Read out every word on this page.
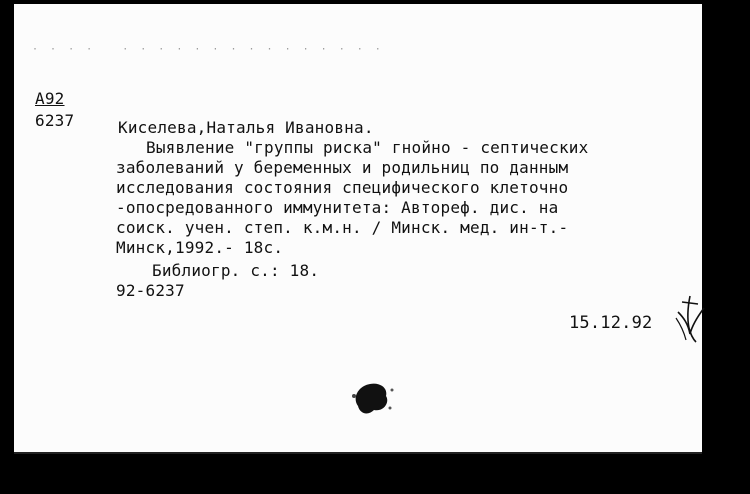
· · · ·   · · · · · · · · · · · · · · ·
A92
6237	Киселева,Наталья Ивановна.
Выявление "группы риска" гнойно - септических
заболеваний у беременных и родильниц по данным
исследования состояния специфического клеточно
-опосредованного иммунитета: Автореф. дис. на
соиск. учен. степ. к.м.н. / Минск. мед. ин-т.-
Минск,1992.- 18с.
Библиогр. с.: 18.
92-6237
15.12.92
